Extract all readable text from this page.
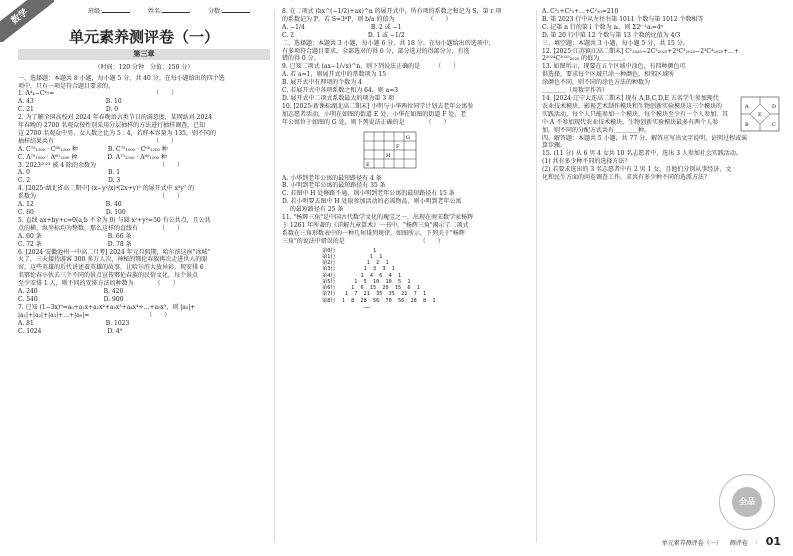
数学	班级:	姓名:	分数:
单元素养测评卷（一）
第三章
（时间：120 分钟　分值：150 分）
一、选择题：本题共 8 小题，每小题 5 分，共 40 分。在每小题给出的四个选
项中，只有一项是符合题目要求的。
1. A⁴₄−C⁴₇=　　　　　　　　　　　　　　　　　（　　）
A. 43　　　　　　　　　　　　B. 10
C. 21　　　　　　　　　　　　D. 0
2. 为了解全国高校对 2024 年春晚语言类节目的满意度，某网站对 2024
年春晚的 2700 名观众按性别采用分层抽样的方法进行抽样调查，已知
这 2700 名观众中男、女人数之比为 5∶4，若样本容量为 135，则不同的
抽样结果共有　　　　　　　　　　　　　　　　　（　　）
A. C⁷⁵₁₅₀₀ · C⁶⁰₁₂₀₀ 种　　　　　B. C⁷⁵₁₅₀₀ · C⁶⁰₁₂₀₀ 种
C. A⁷⁵₁₅₀₀ · A⁶⁰₁₂₀₀ 种　　　　　D. A⁷⁵₁₅₀₀ · A⁶⁰₁₂₀₀ 种
3. 2023²⁰²³ 被 4 除的余数为　　　　　　　　　　　（　　）
A. 0　　　　　　　　　　　　　B. 1
C. 2　　　　　　　　　　　　　D. 3
4. [2025·湖北省高二期中] (x−y²/x)⁴(2x+y)⁵ 的展开式中 x³y⁷ 的
系数为　　　　　　　　　　　　　　　　　　　　　（　　）
A. 12　　　　　　　　　　　　B. 40
C. 60　　　　　　　　　　　　D. 100
5. 直线 ax+by+c=0(a,b 不全为 0) 与圆 x²+y²=50 有公共点，且公共
点的横、纵坐标均为整数，那么这样的直线有　　　　（　　）
A. 60 条　　　　　　　　　　　B. 66 条
C. 72 条　　　　　　　　　　　D. 78 条
6. [2024·安徽池州一中高二月考] 2024 年元旦假期，哈尔滨这座"冰城"
火了，三天接待游客 300 多万人次，神秘的鄂伦春族再次走进世人的眼
帘，这些英雄的后代讲述着英雄的故事，让哈尔滨大放异彩。现安排 6
名鄂伦春小伙去三个不同的景点宣传鄂伦春族的民俗文化，每个景点
至少安排 1 人，则不同的安排方法的种数为　　　　（　　）
A. 240　　　　　　　　　　　B. 420
C. 540　　　　　　　　　　　D. 900
7. 已知 (1−3x)⁹=a₀+a₁x+a₂x²+a₃x³+a₄x⁴+…+a₉x⁹，则 |a₀|+
|a₁|+|a₂|+|a₃|+…+|a₉|=　　　　　　　　　　（　　）
A. 81　　　　　　　　　　　　B. 1023
C. 1024　　　　　　　　　　　D. 4⁹
8. 在二项式 (bx^(−1/2)+ax)^n 的展开式中，所有项的系数之和记为 S，第 r 项
的系数记为 P，若 S=3⁸P，则 b/a 的值为　　　　　　（　　）
A. −1/4　　　　　　　　　　　B. 2 或 −1
C. 2　　　　　　　　　　　　 D. 1 或 −1/2
二、选择题：本题共 3 小题，每小题 6 分，共 18 分。在每小题给出的选项中，
有多项符合题目要求。全部选对的得 6 分，部分选对的得部分分，有选
错的得 0 分。
9. 已知二项式 (ax−1/√x)^n，则下列说法正确的是　　　（　　）
A. 若 a=1，则展开式中的常数项为 15
B. 展开式中有理项的个数为 4
C. 若展开式中各项系数之和为 64，则 a=3
D. 展开式中二项式系数最大的项为第 3 项
10. [2025·新课标湖北高二期末] 小明与小华两位同学计划去老年公寓参
加志愿者活动，小明在如图的街道 E 处，小华在如图的街道 F 处，老
年公寓位于如图的 G 处，则下列说法正确的是　　　　（　　）
G
F
H
E
A. 小华到老年公寓的最短路径有 4 条
B. 小明到老年公寓的最短路径有 35 条
C. 若图中 H 处修路不通，则小明到老年公寓的最短路径有 15 条
D. 若小明要去图中 H 处取参加活动的必需物品，则小明到老年公寓
　 的最短路径有 25 条
11. "杨辉三角"是中国古代数学文化的瑰宝之一，出现在南宋数学家杨辉
于 1261 年所著的《详解九章算术》一书中。"杨辉三角"揭示了二项式
系数在三角形数表中的一种几何排列规律，如图所示，下列关于"杨辉
三角"的说法中错误的是　　　　　　　　　　　　　（　　）
第0行            1
第1行           1  1
第2行          1  2  1
第3行         1  3  3  1
第4行        1  4  6  4  1
第5行      1  5  10  10  5  1
第6行     1  6  15  20  15  6  1
第7行   1  7  21  35  35  21  7  1
第8行  1  8  28  56  70  56  28  8  1
　　　　　　　　……
A. C²₂+C²₃+…+C²₁₀=210
B. 第 2023 行中从左往右第 1011 个数与第 1012 个数相等
C. 记第 n 行的第 i 个数为 aᵢ，则 Σ2ⁱ⁻¹aᵢ=4ⁿ
D. 第 20 行中第 12 个数与第 13 个数的比值为 4/3
三、填空题：本题共 3 小题，每小题 5 分，共 15 分。
12. [2025·江苏镇江高二期末] C¹₂₀₂₅−2C²₂₀₂₅+2²C³₂₀₂₅−2³C⁴₂₀₂₅+…+
2²⁰²⁴C²⁰²⁵₂₀₂₅ 的值为＿＿＿＿。
13. 如图所示，现要在五个区域中涂色，有四种颜色可
供选择，要求每个区域只涂一种颜色，相邻区域所
涂颜色不同，则不同的涂色方法的种数为
＿＿＿＿（用数字作答）
14. [2024·辽宁大连高二期末] 现有 A,B,C,D,E 五名学生参加现代
农业技术模块、影视艺术制作模块和生物创新实验模块这三个模块的
实践活动，每个人只能参加一个模块，每个模块至少有一个人参加，其
中 A 不参加现代农业技术模块，生物创新实验模块最多有两个人参
加，则不同的分配方式共有＿＿＿＿种。
四、解答题：本题共 5 小题，共 77 分。解答应写出文字说明、证明过程或演
算步骤。
15. (11 分) 从 6 男 4 女共 10 名志愿者中，选出 3 人参加社会实践活动。
(1) 共有多少种不同的选择方法？
(2) 若要求选出的 3 名志愿者中有 2 男 1 女，且他们分别从事经济、文
化和民生方面的问卷调查工作，求共有多少种不同的选派方法？
A	D
E
B	C
全品
单元素养测评卷（一） 测评卷 · 01
